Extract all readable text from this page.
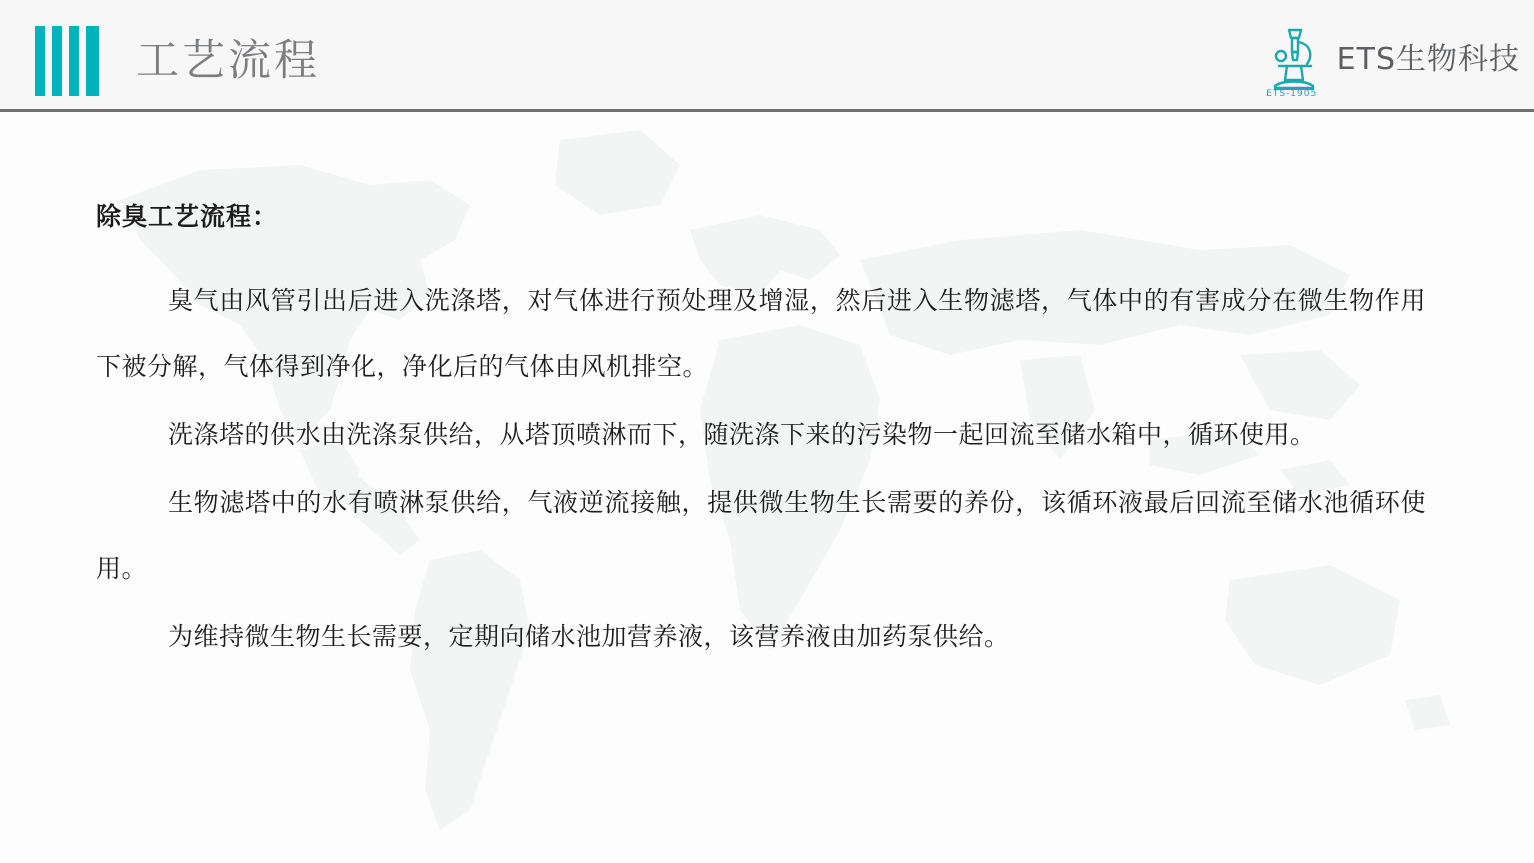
工艺流程
ETS-1905
ETS生物科技
除臭工艺流程：

臭气由风管引出后进入洗涤塔，对气体进行预处理及增湿，然后进入生物滤塔，气体中的有害成分在微生物作用下被分解，气体得到净化，净化后的气体由风机排空。

洗涤塔的供水由洗涤泵供给，从塔顶喷淋而下，随洗涤下来的污染物一起回流至储水箱中，循环使用。

生物滤塔中的水有喷淋泵供给，气液逆流接触，提供微生物生长需要的养份，该循环液最后回流至储水池循环使用。

为维持微生物生长需要，定期向储水池加营养液，该营养液由加药泵供给。
